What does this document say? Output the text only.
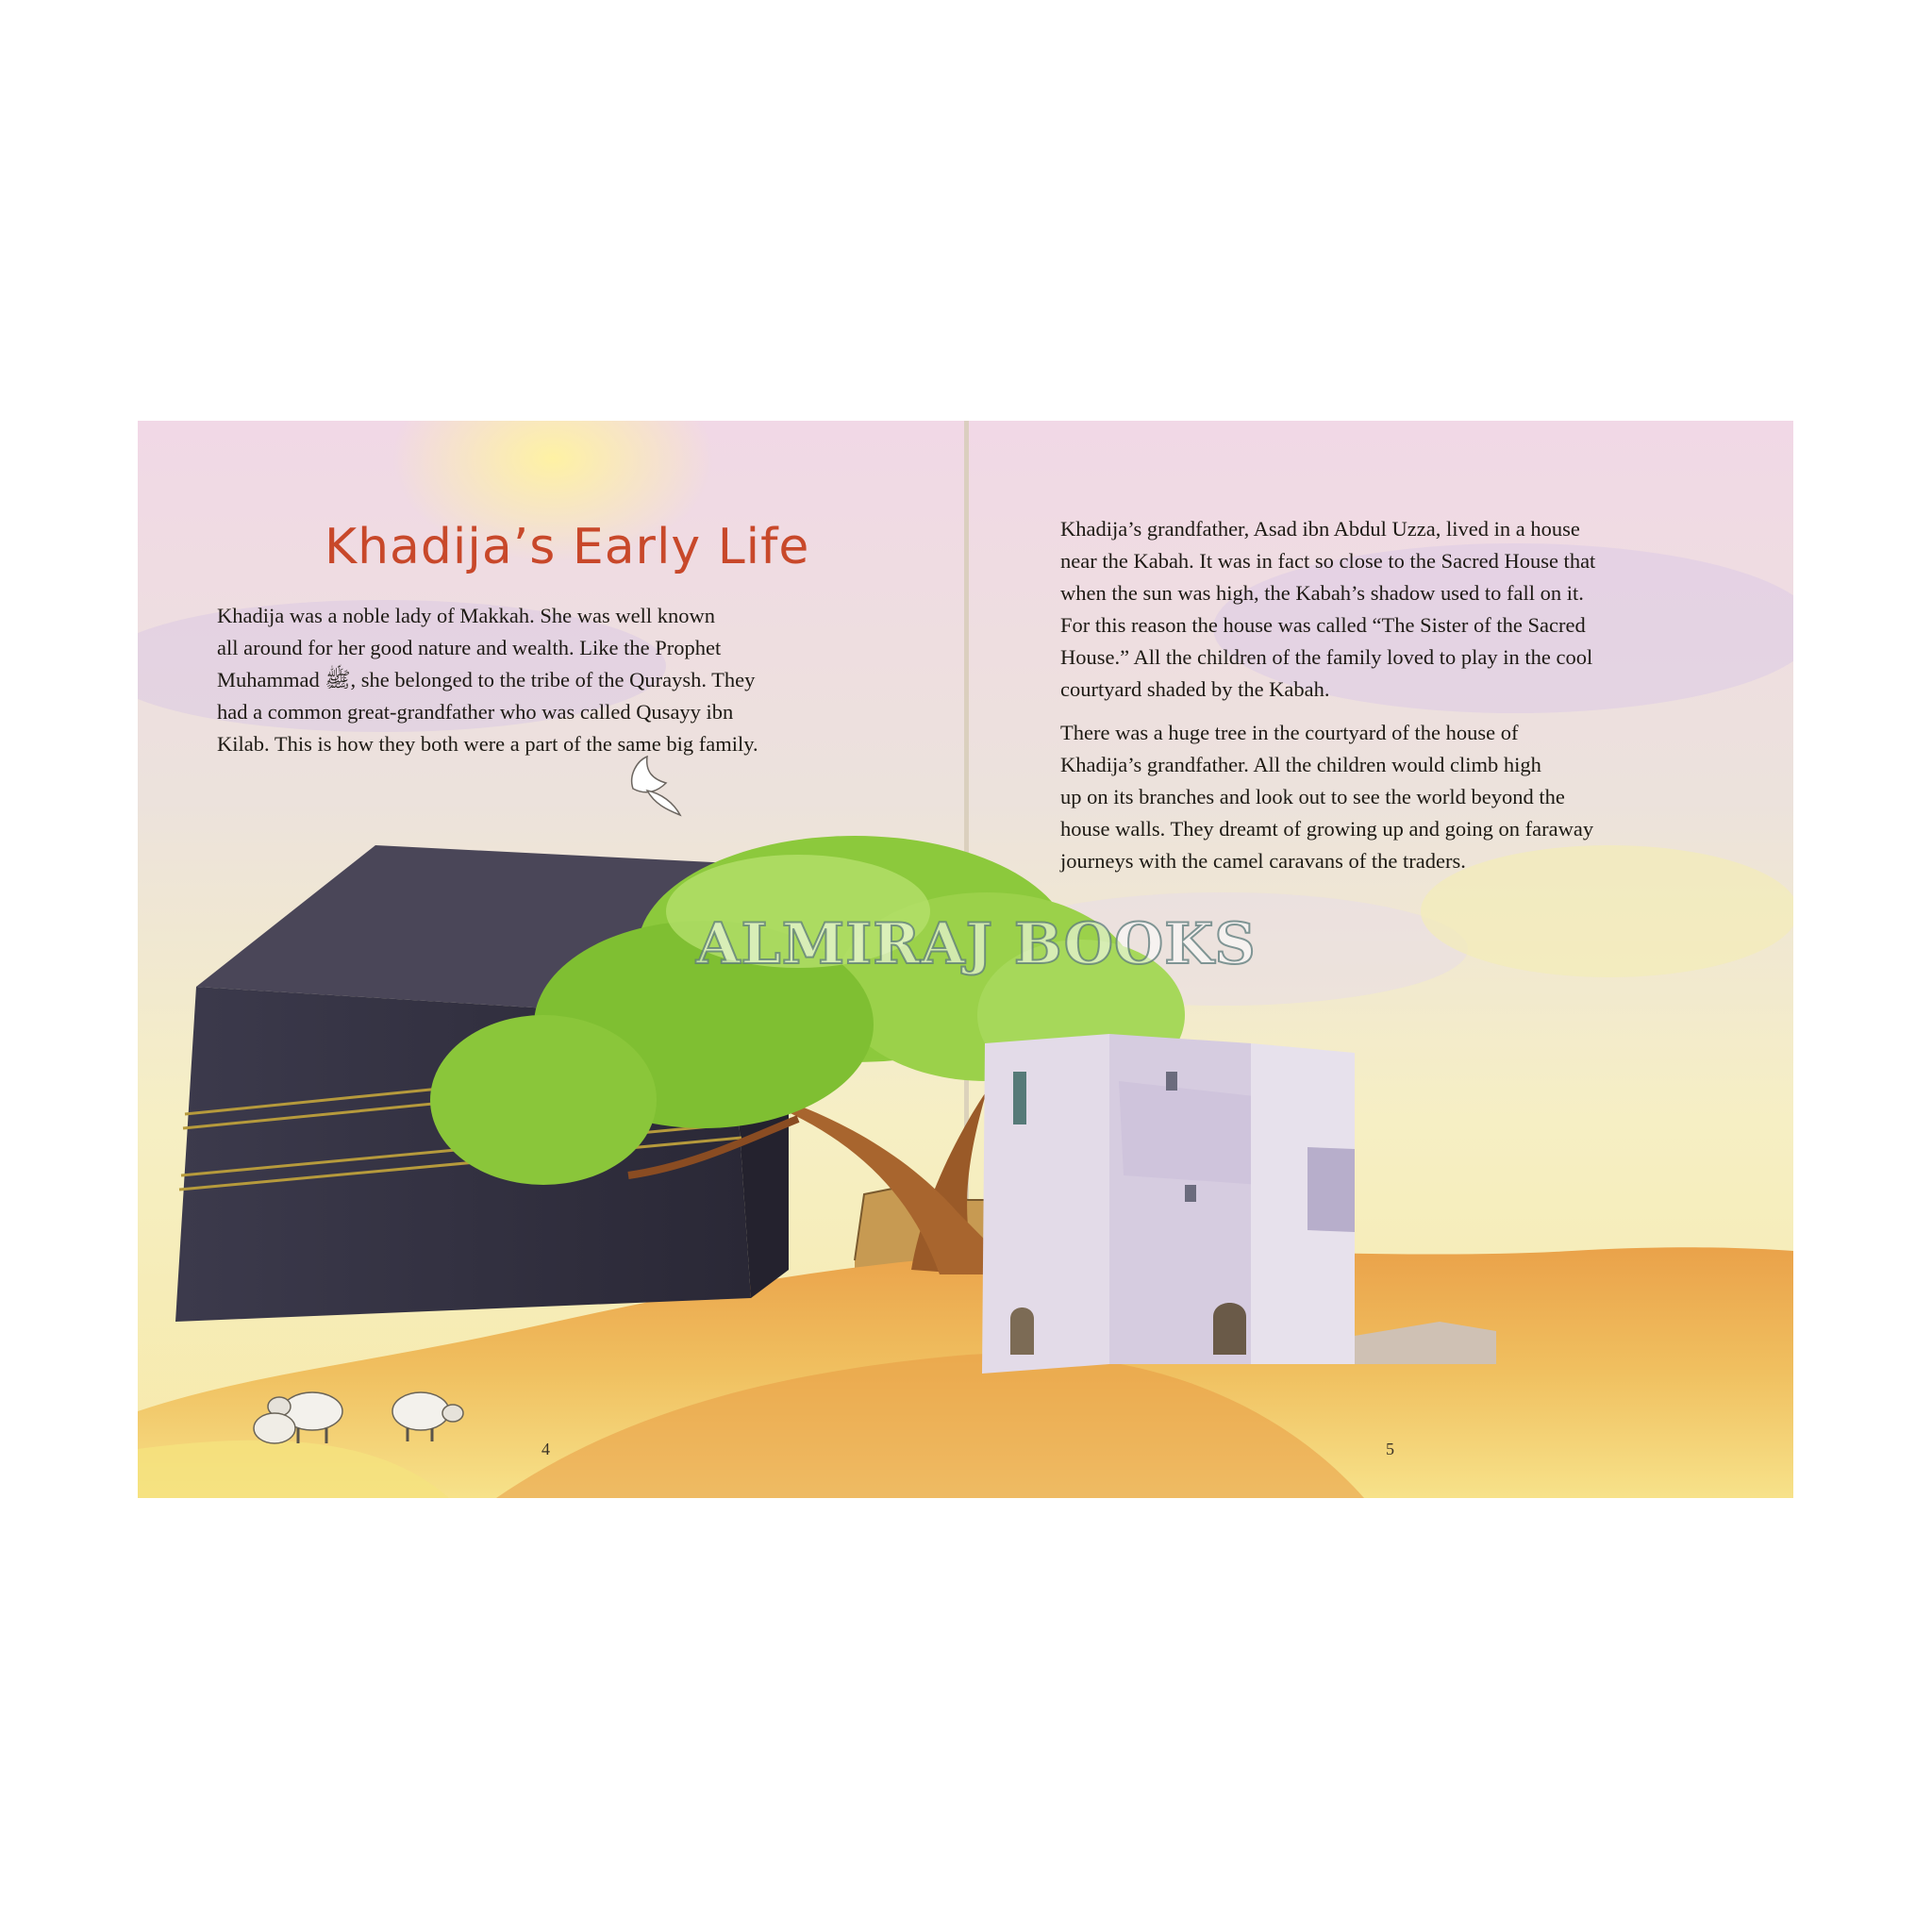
Khadija’s Early Life

Khadija was a noble lady of Makkah. She was well known
all around for her good nature and wealth. Like the Prophet
Muhammad ﷺ, she belonged to the tribe of the Quraysh. They
had a common great-grandfather who was called Qusayy ibn
Kilab. This is how they both were a part of the same big family.

Khadija’s grandfather, Asad ibn Abdul Uzza, lived in a house
near the Kabah. It was in fact so close to the Sacred House that
when the sun was high, the Kabah’s shadow used to fall on it.
For this reason the house was called “The Sister of the Sacred
House.” All the children of the family loved to play in the cool
courtyard shaded by the Kabah.

There was a huge tree in the courtyard of the house of
Khadija’s grandfather. All the children would climb high
up on its branches and look out to see the world beyond the
house walls. They dreamt of growing up and going on faraway
journeys with the camel caravans of the traders.

4	5

ALMIRAJ BOOKS
